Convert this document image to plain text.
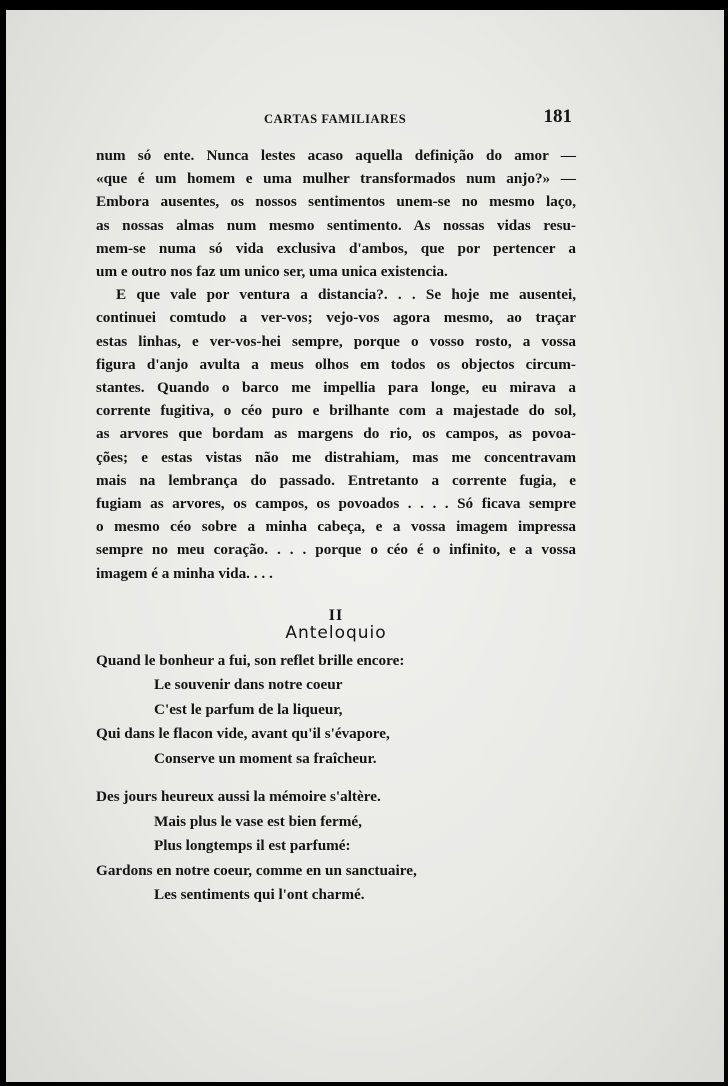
CARTAS FAMILIARES	181

num só ente. Nunca lestes acaso aquella definição do amor —
«que é um homem e uma mulher transformados num anjo?» —
Embora ausentes, os nossos sentimentos unem-se no mesmo laço,
as nossas almas num mesmo sentimento. As nossas vidas resu-
mem-se numa só vida exclusiva d'ambos, que por pertencer a
um e outro nos faz um unico ser, uma unica existencia.

E que vale por ventura a distancia?. . . Se hoje me ausentei,
continuei comtudo a ver-vos; vejo-vos agora mesmo, ao traçar
estas linhas, e ver-vos-hei sempre, porque o vosso rosto, a vossa
figura d'anjo avulta a meus olhos em todos os objectos circum-
stantes. Quando o barco me impellia para longe, eu mirava a
corrente fugitiva, o céo puro e brilhante com a majestade do sol,
as arvores que bordam as margens do rio, os campos, as povoa-
ções; e estas vistas não me distrahiam, mas me concentravam
mais na lembrança do passado. Entretanto a corrente fugia, e
fugiam as arvores, os campos, os povoados . . . . Só ficava sempre
o mesmo céo sobre a minha cabeça, e a vossa imagem impressa
sempre no meu coração. . . . porque o céo é o infinito, e a vossa
imagem é a minha vida. . . .

II
Anteloquio
Quand le bonheur a fui, son reflet brille encore:
Le souvenir dans notre coeur
C'est le parfum de la liqueur,
Qui dans le flacon vide, avant qu'il s'évapore,
Conserve un moment sa fraîcheur.
Des jours heureux aussi la mémoire s'altère.
Mais plus le vase est bien fermé,
Plus longtemps il est parfumé:
Gardons en notre coeur, comme en un sanctuaire,
Les sentiments qui l'ont charmé.
